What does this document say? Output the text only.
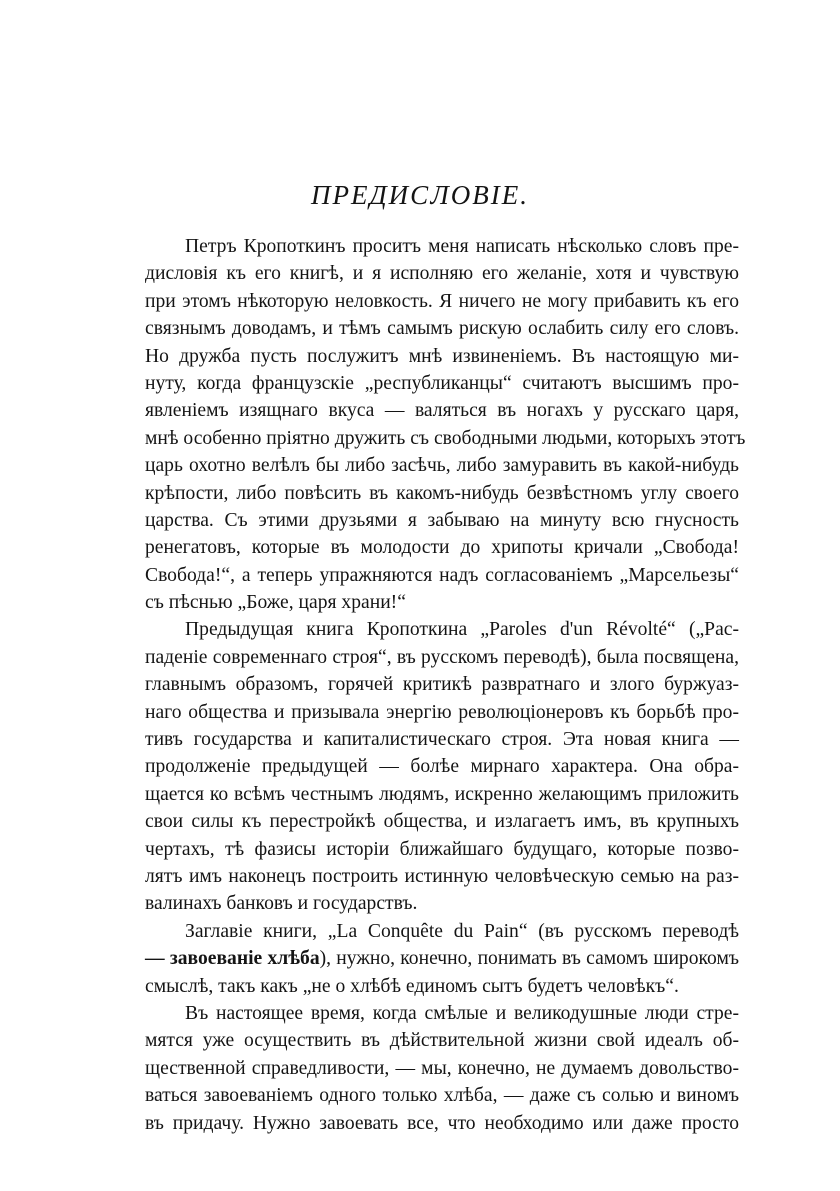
ПРЕДИСЛОВІЕ.
Петръ Кропоткинъ проситъ меня написать нѣсколько словъ пре-
дисловія къ его книгѣ, и я исполняю его желаніе, хотя и чувствую
при этомъ нѣкоторую неловкость. Я ничего не могу прибавить къ его
связнымъ доводамъ, и тѣмъ самымъ рискую ослабить силу его словъ.
Но дружба пусть послужитъ мнѣ извиненіемъ. Въ настоящую ми-
нуту, когда французскіе „республиканцы“ считаютъ высшимъ про-
явленіемъ изящнаго вкуса — валяться въ ногахъ у русскаго царя,
мнѣ особенно пріятно дружить съ свободными людьми, которыхъ этотъ
царь охотно велѣлъ бы либо засѣчь, либо замуравить въ какой-нибудь
крѣпости, либо повѣсить въ какомъ-нибудь безвѣстномъ углу своего
царства. Съ этими друзьями я забываю на минуту всю гнусность
ренегатовъ, которые въ молодости до хрипоты кричали „Свобода!
Свобода!“, а теперь упражняются надъ согласованіемъ „Марсельезы“
съ пѣснью „Боже, царя храни!“
Предыдущая книга Кропоткина „Paroles d'un Révolté“ („Рас-
падeніе современнаго строя“, въ русскомъ переводѣ), была посвящена,
главнымъ образомъ, горячей критикѣ развратнаго и злого буржуаз-
наго общества и призывала энергію революціонеровъ къ борьбѣ про-
тивъ государства и капиталистическаго строя. Эта новая книга —
продолженіе предыдущей — болѣе мирнаго характера. Она обра-
щается ко всѣмъ честнымъ людямъ, искренно желающимъ приложить
свои силы къ перестройкѣ общества, и излагаетъ имъ, въ крупныхъ
чертахъ, тѣ фазисы исторіи ближайшаго будущаго, которые позво-
лятъ имъ наконецъ построить истинную человѣческую семью на раз-
валинахъ банковъ и государствъ.
Заглавіе книги, „La Conquête du Pain“ (въ русскомъ переводѣ
— завоеваніе хлѣба), нужно, конечно, понимать въ самомъ широкомъ
смыслѣ, такъ какъ „не о хлѣбѣ единомъ сытъ будетъ человѣкъ“.
Въ настоящее время, когда смѣлые и великодушные люди стре-
мятся уже осуществить въ дѣйствительной жизни свой идеалъ об-
щественной справедливости, — мы, конечно, не думаемъ довольство-
ваться завоеваніемъ одного только хлѣба, — даже съ солью и виномъ
въ придачу. Нужно завоевать все, что необходимо или даже просто
